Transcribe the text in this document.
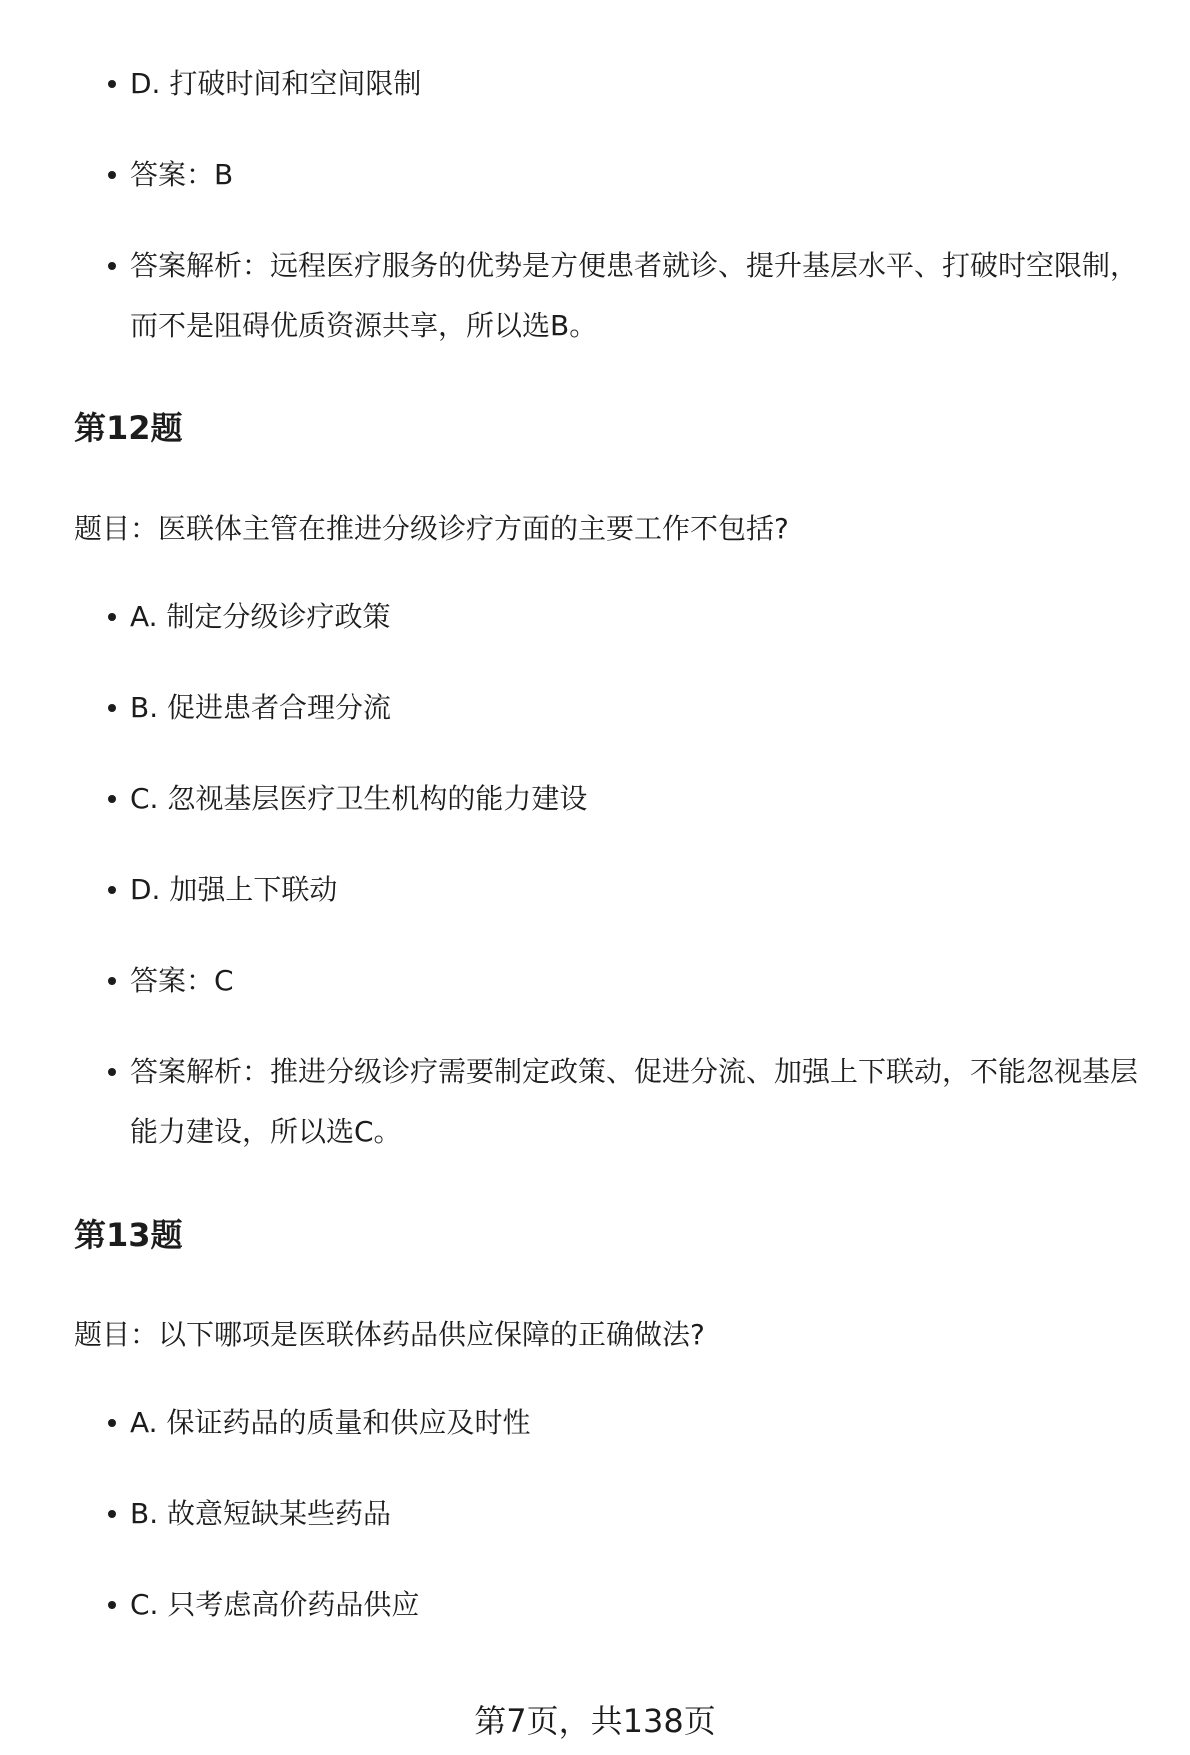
D. 打破时间和空间限制
答案：B
答案解析：远程医疗服务的优势是方便患者就诊、提升基层水平、打破时空限制，而不是阻碍优质资源共享，所以选B。
第12题

题目：医联体主管在推进分级诊疗方面的主要工作不包括?

A. 制定分级诊疗政策
B. 促进患者合理分流
C. 忽视基层医疗卫生机构的能力建设
D. 加强上下联动
答案：C
答案解析：推进分级诊疗需要制定政策、促进分流、加强上下联动，不能忽视基层能力建设，所以选C。
第13题

题目：以下哪项是医联体药品供应保障的正确做法?

A. 保证药品的质量和供应及时性
B. 故意短缺某些药品
C. 只考虑高价药品供应
第7页，共138页
